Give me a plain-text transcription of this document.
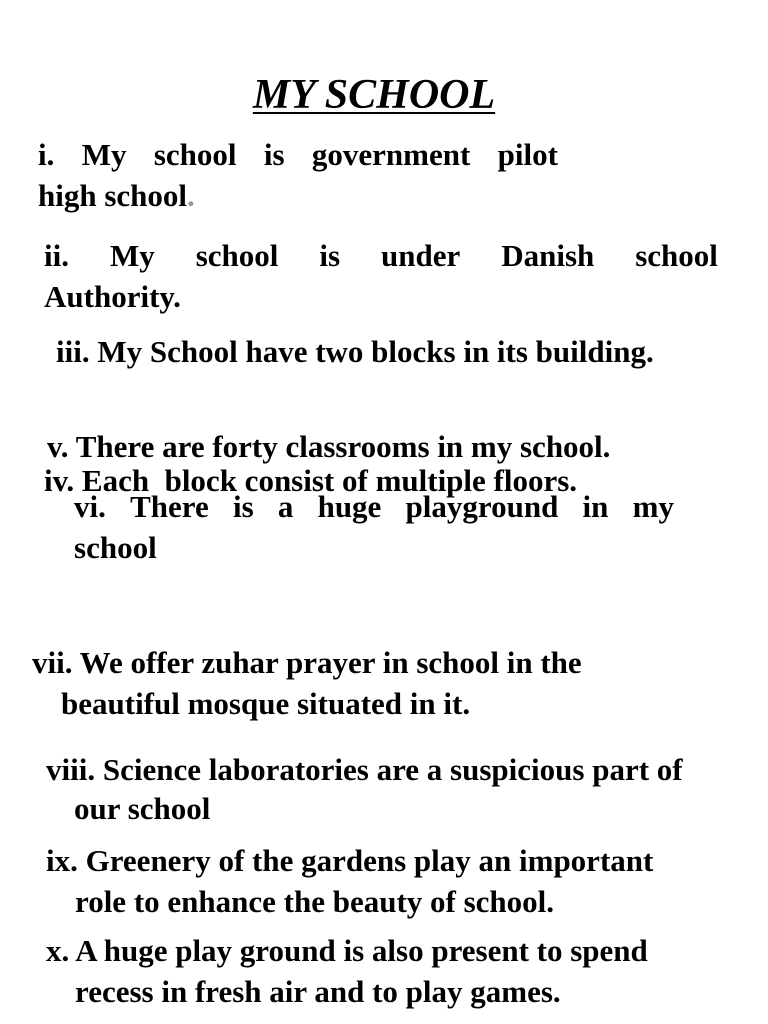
MY SCHOOL
i. My school is government pilot
high school.
ii. My school is under Danish school
Authority.
iii. My School have two blocks in its building.

iv. Each  block consist of multiple floors.

v. There are forty classrooms in my school.
vi. There is a huge playground in my
school
vii. We offer zuhar prayer in school in the
beautiful mosque situated in it.
viii. Science laboratories are a suspicious part of
our school
ix. Greenery of the gardens play an important
role to enhance the beauty of school.
x. A huge play ground is also present to spend
recess in fresh air and to play games.
